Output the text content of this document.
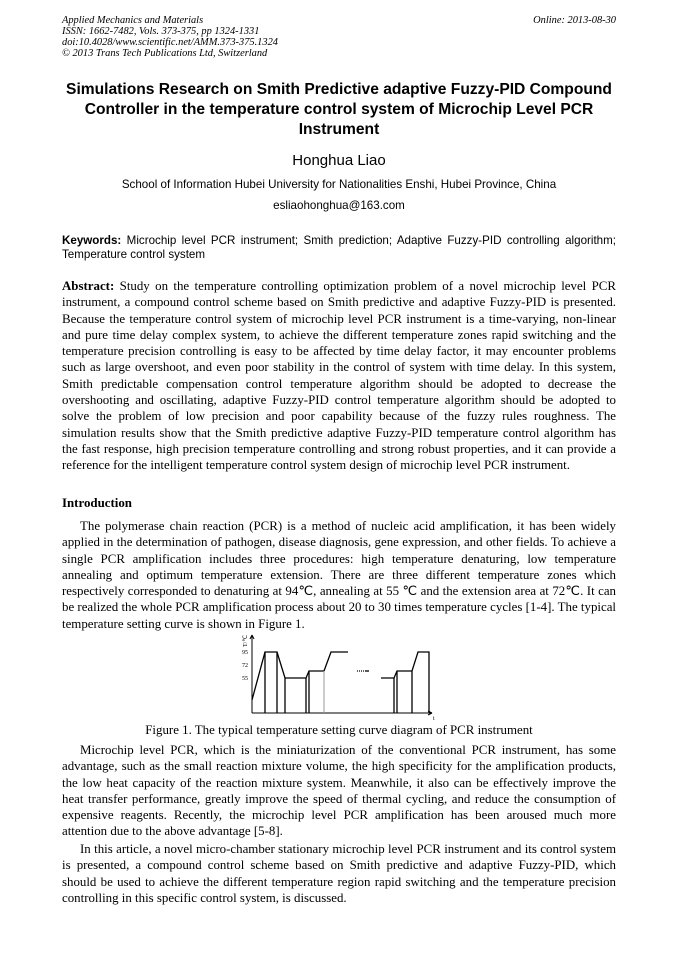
Applied Mechanics and Materials
ISSN: 1662-7482, Vols. 373-375, pp 1324-1331
doi:10.4028/www.scientific.net/AMM.373-375.1324
© 2013 Trans Tech Publications Ltd, Switzerland
Online: 2013-08-30
Simulations Research on Smith Predictive adaptive Fuzzy-PID Compound Controller in the temperature control system of Microchip Level PCR Instrument
Honghua Liao
School of Information Hubei University for Nationalities Enshi, Hubei Province, China
esliaohonghua@163.com
Keywords: Microchip level PCR instrument; Smith prediction; Adaptive Fuzzy-PID controlling algorithm; Temperature control system

Abstract: Study on the temperature controlling optimization problem of a novel microchip level PCR instrument, a compound control scheme based on Smith predictive and adaptive Fuzzy-PID is presented. Because the temperature control system of microchip level PCR instrument is a time-varying, non-linear and pure time delay complex system, to achieve the different temperature zones rapid switching and the temperature precision controlling is easy to be affected by time delay factor, it may encounter problems such as large overshoot, and even poor stability in the control of system with time delay. In this system, Smith predictable compensation control temperature algorithm should be adopted to decrease the overshooting and oscillating, adaptive Fuzzy-PID control temperature algorithm should be adopted to solve the problem of low precision and poor capability because of the fuzzy rules roughness. The simulation results show that the Smith predictive adaptive Fuzzy-PID temperature control algorithm has the fast response, high precision temperature controlling and strong robust properties, and it can provide a reference for the intelligent temperature control system design of microchip level PCR instrument.

Introduction

The polymerase chain reaction (PCR) is a method of nucleic acid amplification, it has been widely applied in the determination of pathogen, disease diagnosis, gene expression, and other fields. To achieve a single PCR amplification includes three procedures: high temperature denaturing, low temperature annealing and optimum temperature extension. There are three different temperature zones which respectively corresponded to denaturing at 94℃, annealing at 55 ℃ and the extension area at 72℃. It can be realized the whole PCR amplification process about 20 to 30 times temperature cycles [1-4]. The typical temperature setting curve is shown in Figure 1.

T/℃
95
72
55
t
Figure 1. The typical temperature setting curve diagram of PCR instrument

Microchip level PCR, which is the miniaturization of the conventional PCR instrument, has some advantage, such as the small reaction mixture volume, the high specificity for the amplification products, the low heat capacity of the reaction mixture system. Meanwhile, it also can be effectively improve the heat transfer performance, greatly improve the speed of thermal cycling, and reduce the consumption of expensive reagents. Recently, the microchip level PCR amplification has been aroused much more attention due to the above advantage [5-8].

In this article, a novel micro-chamber stationary microchip level PCR instrument and its control system is presented, a compound control scheme based on Smith predictive and adaptive Fuzzy-PID, which should be used to achieve the different temperature region rapid switching and the temperature precision controlling in this specific control system, is discussed.
